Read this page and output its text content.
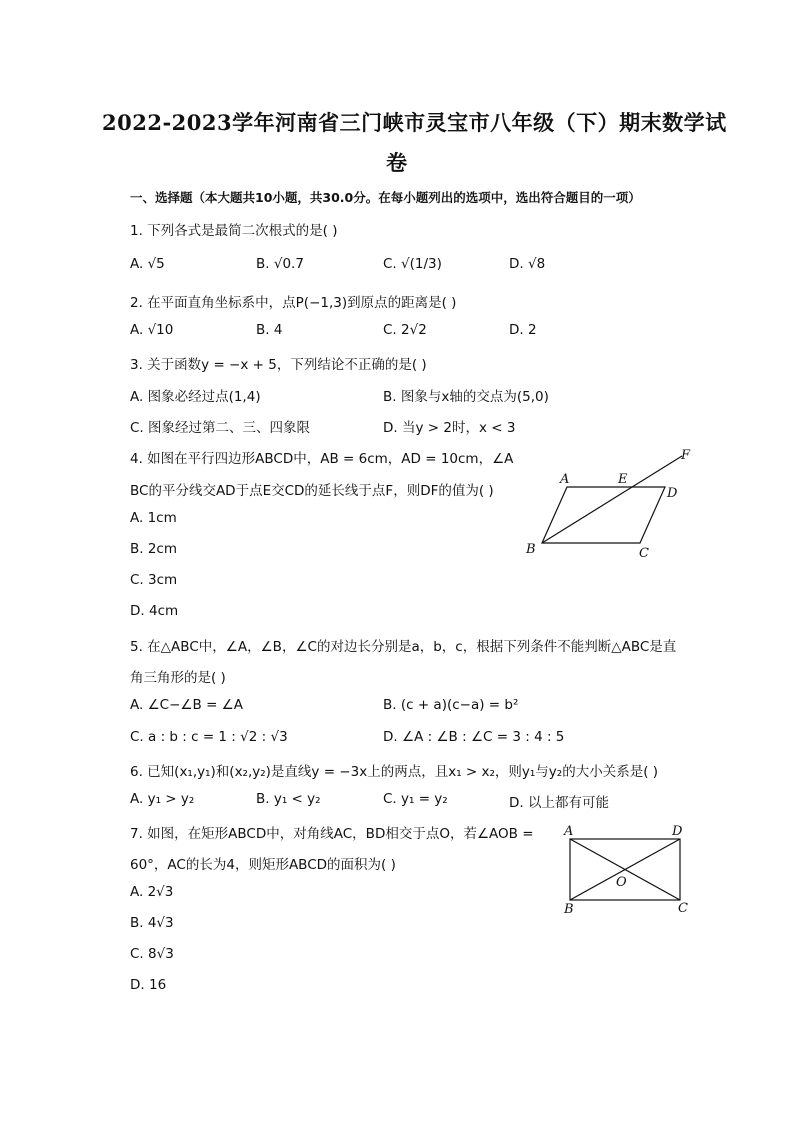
2022-2023学年河南省三门峡市灵宝市八年级（下）期末数学试
卷
一、选择题（本大题共10小题，共30.0分。在每小题列出的选项中，选出符合题目的一项）
1. 下列各式是最简二次根式的是( )
A. √5	B. √0.7	C. √(1/3)	D. √8
2. 在平面直角坐标系中，点P(−1,3)到原点的距离是( )
A. √10	B. 4	C. 2√2	D. 2
3. 关于函数y = −x + 5，下列结论不正确的是( )
A. 图象必经过点(1,4)	B. 图象与x轴的交点为(5,0)
C. 图象经过第二、三、四象限	D. 当y > 2时，x < 3
4. 如图在平行四边形ABCD中，AB = 6cm，AD = 10cm，∠A
BC的平分线交AD于点E交CD的延长线于点F，则DF的值为( )
A. 1cm
B. 2cm
C. 3cm
D. 4cm
A	E
F
D
B	C
5. 在△ABC中，∠A，∠B，∠C的对边长分别是a，b，c，根据下列条件不能判断△ABC是直
角三角形的是( )
A. ∠C−∠B = ∠A	B. (c + a)(c−a) = b²
C. a : b : c = 1 : √2 : √3	D. ∠A : ∠B : ∠C = 3 : 4 : 5
6. 已知(x₁,y₁)和(x₂,y₂)是直线y = −3x上的两点，且x₁ > x₂，则y₁与y₂的大小关系是( )
A. y₁ > y₂	B. y₁ < y₂	C. y₁ = y₂	D. 以上都有可能
7. 如图，在矩形ABCD中，对角线AC，BD相交于点O，若∠AOB =
60°，AC的长为4，则矩形ABCD的面积为( )
A. 2√3
B. 4√3
C. 8√3
D. 16
A	D
O
B	C
